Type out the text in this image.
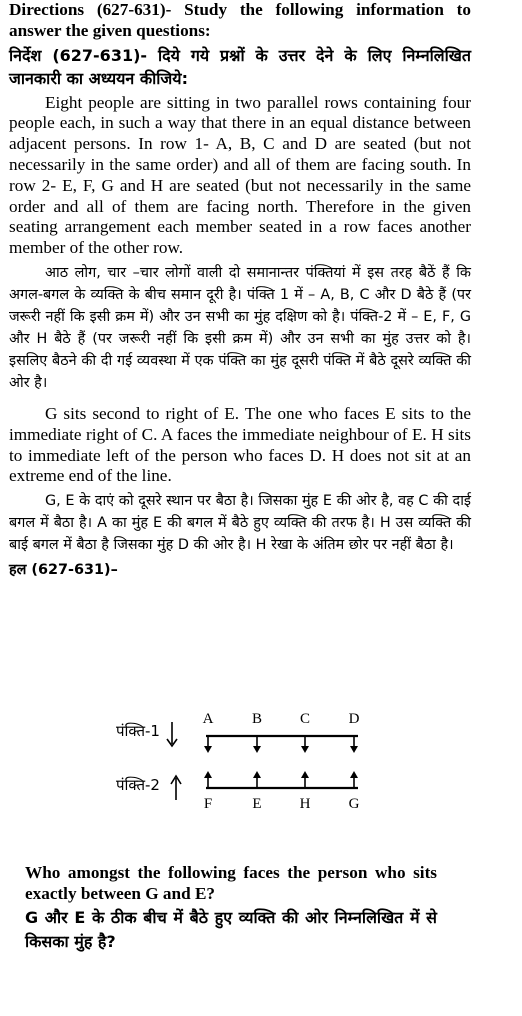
Directions (627-631)- Study the following information to answer the given questions:

निर्देश (627-631)- दिये गये प्रश्नों के उत्तर देने के लिए निम्नलिखित जानकारी का अध्ययन कीजिये:

Eight people are sitting in two parallel rows containing four people each, in such a way that there in an equal distance between adjacent persons. In row 1- A, B, C and D are seated (but not necessarily in the same order) and all of them are facing south. In row 2- E, F, G and H are seated (but not necessarily in the same order and all of them are facing north. Therefore in the given seating arrangement each member seated in a row faces another member of the other row.

आठ लोग, चार –चार लोगों वाली दो समानान्तर पंक्तियां में इस तरह बैठें हैं कि अगल-बगल के व्यक्ति के बीच समान दूरी है। पंक्ति 1 में – A, B, C और D बैठे हैं (पर जरूरी नहीं कि इसी क्रम में) और उन सभी का मुंह दक्षिण को है। पंक्ति-2 में – E, F, G और H बैठे हैं (पर जरूरी नहीं कि इसी क्रम में) और उन सभी का मुंह उत्तर को है। इसलिए बैठने की दी गई व्यवस्था में एक पंक्ति का मुंह दूसरी पंक्ति में बैठे दूसरे व्यक्ति की ओर है।

G sits second to right of E. The one who faces E sits to the immediate right of C. A faces the immediate neighbour of E. H sits to immediate left of the person who faces D. H does not sit at an extreme end of the line.

G, E के दाएं को दूसरे स्थान पर बैठा है। जिसका मुंह E की ओर है, वह C की दाई बगल में बैठा है। A का मुंह E की बगल में बैठे हुए व्यक्ति की तरफ है। H उस व्यक्ति की बाई बगल में बैठा है जिसका मुंह D की ओर है। H रेखा के अंतिम छोर पर नहीं बैठा है।

हल (627-631)–

पंक्ति-1
A	B	C	D
पंक्ति-2
F	E	H	G

Who amongst the following faces the person who sits exactly between G and E?

G और E के ठीक बीच में बैठे हुए व्यक्ति की ओर निम्नलिखित में से किसका मुंह है?
